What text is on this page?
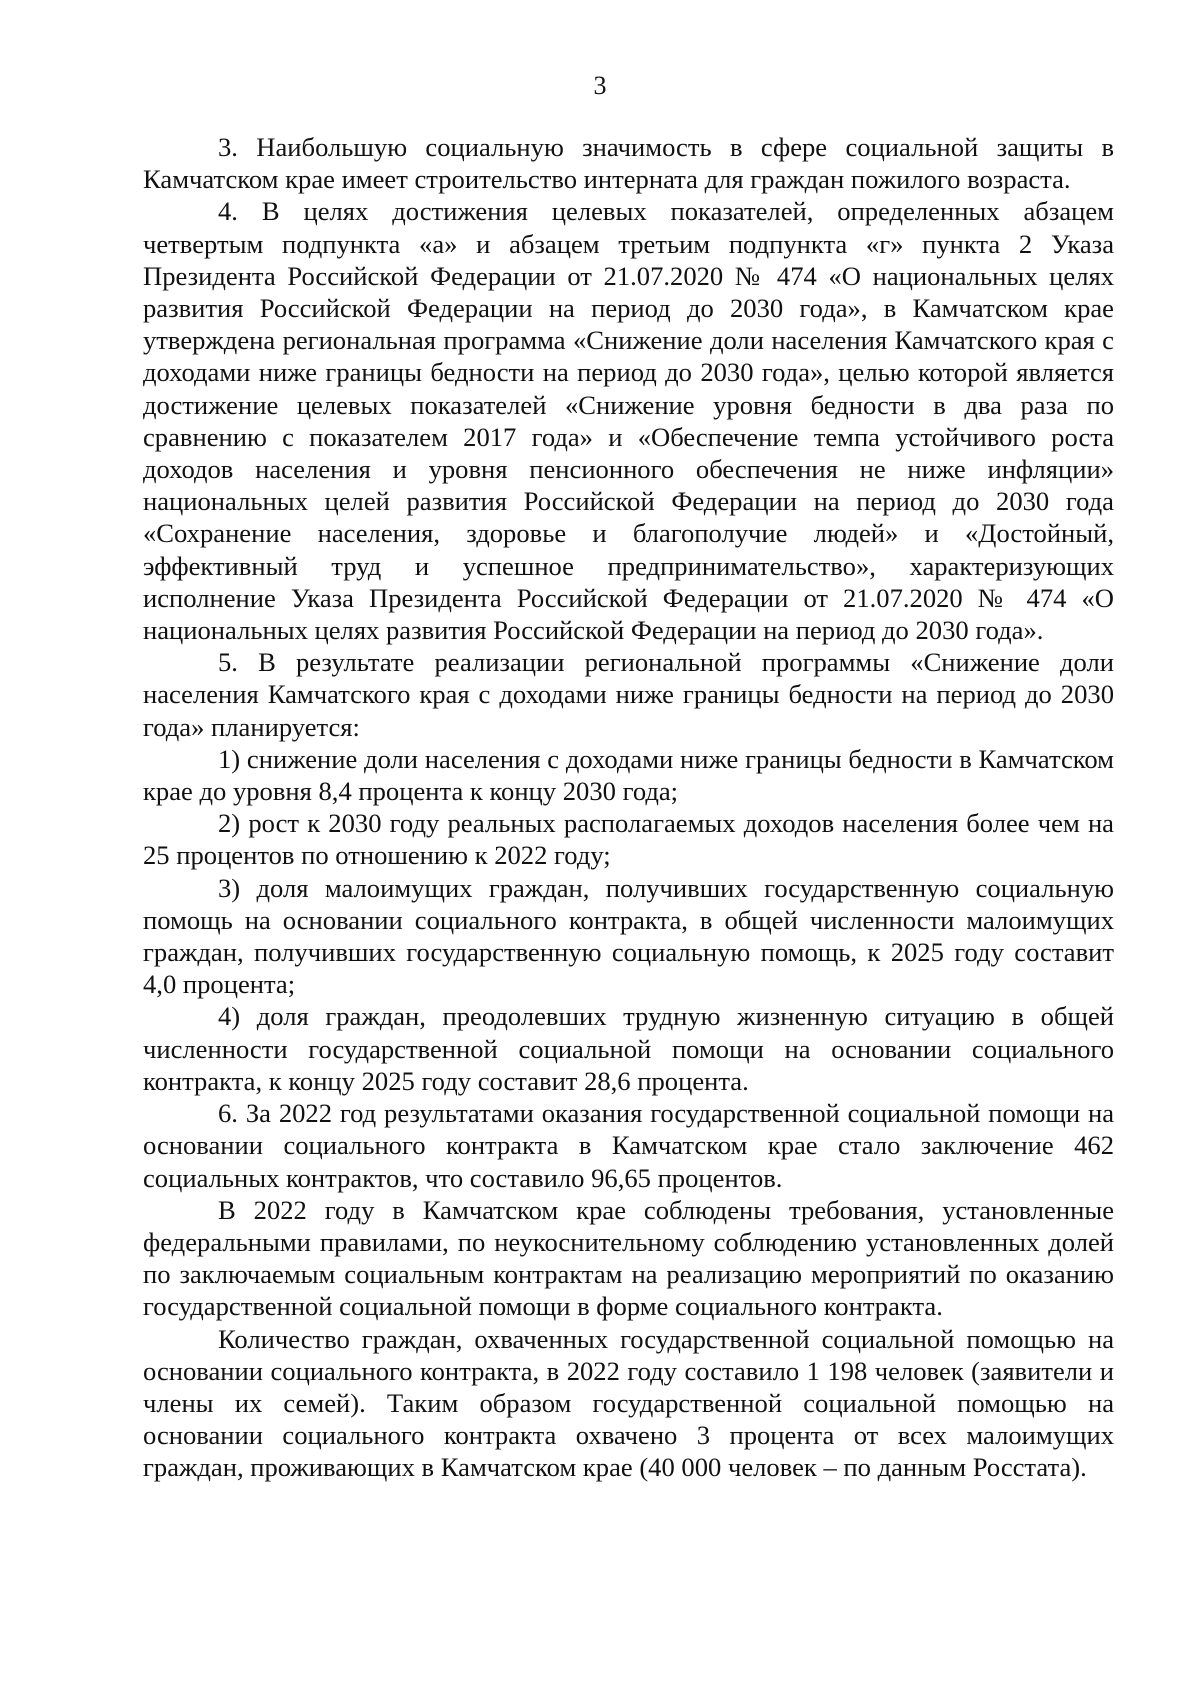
3

3. Наибольшую социальную значимость в сфере социальной защиты в Камчатском крае имеет строительство интерната для граждан пожилого возраста.

4. В целях достижения целевых показателей, определенных абзацем четвертым подпункта «а» и абзацем третьим подпункта «г» пункта 2 Указа Президента Российской Федерации от 21.07.2020 № 474 «О национальных целях развития Российской Федерации на период до 2030 года», в Камчатском крае утверждена региональная программа «Снижение доли населения Камчатского края с доходами ниже границы бедности на период до 2030 года», целью которой является достижение целевых показателей «Снижение уровня бедности в два раза по сравнению с показателем 2017 года» и «Обеспечение темпа устойчивого роста доходов населения и уровня пенсионного обеспечения не ниже инфляции» национальных целей развития Российской Федерации на период до 2030 года «Сохранение населения, здоровье и благополучие людей» и «Достойный, эффективный труд и успешное предпринимательство», характеризующих исполнение Указа Президента Российской Федерации от 21.07.2020 № 474 «О национальных целях развития Российской Федерации на период до 2030 года».

5. В результате реализации региональной программы «Снижение доли населения Камчатского края с доходами ниже границы бедности на период до 2030 года» планируется:

1) снижение доли населения с доходами ниже границы бедности в Камчатском крае до уровня 8,4 процента к концу 2030 года;

2) рост к 2030 году реальных располагаемых доходов населения более чем на 25 процентов по отношению к 2022 году;

3) доля малоимущих граждан, получивших государственную социальную помощь на основании социального контракта, в общей численности малоимущих граждан, получивших государственную социальную помощь, к 2025 году составит 4,0 процента;

4) доля граждан, преодолевших трудную жизненную ситуацию в общей численности государственной социальной помощи на основании социального контракта, к концу 2025 году составит 28,6 процента.

6. За 2022 год результатами оказания государственной социальной помощи на основании социального контракта в Камчатском крае стало заключение 462 социальных контрактов, что составило 96,65 процентов.

В 2022 году в Камчатском крае соблюдены требования, установленные федеральными правилами, по неукоснительному соблюдению установленных долей по заключаемым социальным контрактам на реализацию мероприятий по оказанию государственной социальной помощи в форме социального контракта.

Количество граждан, охваченных государственной социальной помощью на основании социального контракта, в 2022 году составило 1 198 человек (заявители и члены их семей). Таким образом государственной социальной помощью на основании социального контракта охвачено 3 процента от всех малоимущих граждан, проживающих в Камчатском крае (40 000 человек – по данным Росстата).
